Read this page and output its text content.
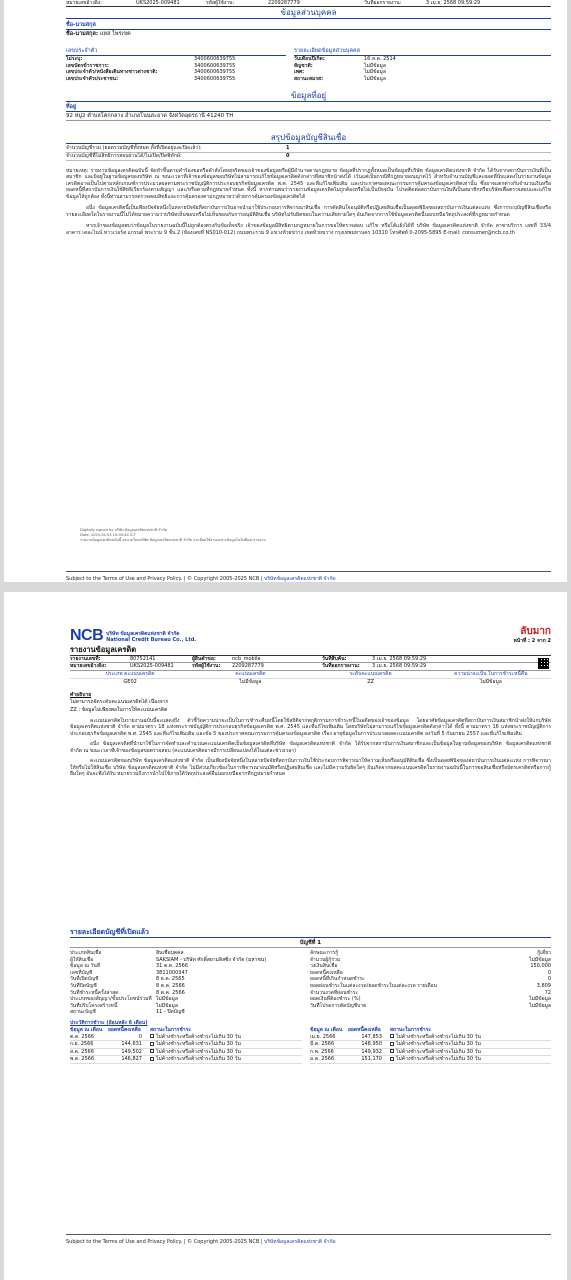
หมายเลขอ้างอิง:	UKS2025-009481	รหัสผู้ใช้งาน:	2209287779	วันที่ออกรายงาน:	3 เม.ย. 2568 09:59:29
ข้อมูลส่วนบุคคล
ชื่อ-นามสกุล
ชื่อ-นามสกุล: แหล่ ไพรเขต
เลขประจำตัว
ไม่ระบุ:	3400600639755
เลขบัตรข้าราชการ:	3400600639755
เลขประจำตัว/หนังสือเดินทางชาวต่างชาติ:	3400600639755
เลขประจำตัวประชาชน:	3400600639755
รายละเอียดข้อมูลส่วนบุคคล
วันเดือนปีเกิด:	16 ส.ค. 2514
สัญชาติ:	ไม่มีข้อมูล
เพศ:	ไม่มีข้อมูล
สถานะสมรส:	ไม่มีข้อมูล
ข้อมูลที่อยู่
ที่อยู่
92 หมู่2 ตำบลโคกกลาง อำเภอโนนสะอาด จังหวัดอุดรธานี 41240 TH
สรุปข้อมูลบัญชีสินเชื่อ
จำนวนบัญชีรวม (ยอดรวมบัญชีทั้งหมด ทั้งที่เปิดอยู่และปิดแล้ว):	1
จำนวนบัญชีที่ไม่สิทธิการสอบผ่านได้/ไม่เปิด/ปิดพิทักษ์:	0
หมายเหตุ: รายงานข้อมูลเครดิตฉบับนี้ จัดทำขึ้นตามคำร้องขอหรือคำสั่งโดยสุจริตของเจ้าของข้อมูลหรือผู้มีอำนาจตามกฎหมาย ข้อมูลที่ปรากฏทั้งหมดเป็นข้อมูลที่บริษัท ข้อมูลเครดิตแห่งชาติ จำกัด ได้รับจากสถาบันการเงินที่เป็นสมาชิก และมิอยู่ในฐานข้อมูลของบริษัท ณ ขณะเวลาที่เจ้าของข้อมูลขอบริษัทไม่สามารถแก้ไขข้อมูลเครดิตดังกล่าวที่สมาชิกนำส่งได้ เว้นแต่เป็นกรณีที่กฎหมายอนุญาตไว้ สำหรับจำนวนบัญชีและยอดที่นับแสดงในรายงานข้อมูลเครดิตอาจเป็นไปตามหลักเกณฑ์การประมวลผลตามพระราชบัญญัติการประกอบธุรกิจข้อมูลเครดิต พ.ศ. 2545 และที่แก้ไขเพิ่มเติม และประกาศของคณะกรรมการคุ้มครองข้อมูลเครดิตเท่านั้น ซึ่งอาจแตกต่างกับจำนวนเงินหรือยอดหนี้ที่สถาบันการเงินใช้สิทธิเรียกร้องตามสัญญา และ/หรือตามที่กฎหมายกำหนด ทั้งนี้ หากท่านพบว่ารายงานข้อมูลเครดิตไม่ถูกต้องหรือไม่เป็นปัจจุบัน โปรดติดต่อสถาบันการเงินที่เป็นสมาชิกหรือบริษัทเพื่อตรวจสอบและแก้ไขข้อมูลให้ถูกต้อง ทั้งนี้ท่านสามารถตรวจสอบสิทธิและการคุ้มครองตามกฎหมายว่าด้วยการคุ้มครองข้อมูลเครดิตได้
อนึ่ง ข้อมูลเครดิตนี้เป็นเพียงปัจจัยหนึ่งในหลายปัจจัยที่สถาบันการเงินอาจนำมาใช้ประกอบการพิจารณาสินเชื่อ การตัดสินใจอนุมัติหรือปฏิเสธสินเชื่อเป็นดุลยพินิจของสถาบันการเงินแต่ละแห่ง ซึ่งการระบุบัญชีสินเชื่อหรือรายละเอียดใดในรายงานนี้ไม่ได้หมายความว่าบริษัทเห็นชอบหรือไม่เห็นชอบกับการอนุมัติสินเชื่อ บริษัทไม่รับผิดชอบในความเสียหายใดๆ อันเกิดจากการใช้ข้อมูลเครดิตนี้นอกเหนือวัตถุประสงค์ที่กฎหมายกำหนด
หากเจ้าของข้อมูลพบว่าข้อมูลในรายงานฉบับนี้ไม่ถูกต้องตรงกับข้อเท็จจริง เจ้าของข้อมูลมีสิทธิตามกฎหมายในการขอให้ตรวจสอบ แก้ไข หรือโต้แย้งได้ที่ บริษัท ข้อมูลเครดิตแห่งชาติ จำกัด สาขาบริการ เลขที่ 33/4 อาคาร เดอะไนน์ ทาวเวอร์ส แกรนด์ พระราม 9 ชั้น 2 (ห้องเลขที่ NS010-012) ถนนพระราม 9 แขวงห้วยขวาง เขตห้วยขวาง กรุงเทพมหานคร 10310 โทรศัพท์ 0-2095-5895 E-mail: consumer@ncb.co.th
Digitally signed by บริษัท ข้อมูลเครดิตแห่งชาติ จำกัด
Date: 2025.04.03 10:00:44 ICT
รายงานข้อมูลเครดิตฉบับนี้ ลงนามโดยบริษัท ข้อมูลเครดิตแห่งชาติ จำกัด และมีผลใช้งานเฉพาะข้อมูลในวันที่ออกรายงาน
Subject to the Terms of Use and Privacy Policy. | © Copyright 2005-2025 NCB | บริษัทข้อมูลเครดิตแห่งชาติ จำกัด
NCB บริษัท ข้อมูลเครดิตแห่งชาติ จำกัด
National Credit Bureau Co., Ltd.
ลับมาก
หน้าที่ : 2 จาก 2
รายงานข้อมูลเครดิต
รายงานเลขที่:	80752141	ผู้ยืนคำขอ:	ncb_mobile	วันที่สืบค้น:	3 เม.ย. 2568 09:59:29
หมายเลขอ้างอิง:	UKS2025-009481	รหัสผู้ใช้งาน:	2209287779	วันที่ออกรายงาน:	3 เม.ย. 2568 09:59:29
ประเภท คะแนนเครดิต	คะแนนเครดิต	ระดับคะแนนเครดิต	ความน่าจะเป็น ในการชำระหนี้คืน
GE02	ไม่มีข้อมูล	ZZ	ไม่มีข้อมูล
คำอธิบาย
ไม่สามารถจัดระดับคะแนนเครดิตได้ เนื่องจาก
ZZ : ข้อมูลไม่เพียงพอในการให้คะแนนเครดิต
คะแนนเครดิตในรายงานฉบับนี้จะแสดงถึง ตัวชี้วัดความน่าจะเป็นในการชำระคืนหนี้โดยใช้สถิติจากพฤติกรรมการชำระหนี้ในอดีตของเจ้าของข้อมูล โดยอาศัยข้อมูลเครดิตที่สถาบันการเงินสมาชิกนำส่งให้แก่บริษัท ข้อมูลเครดิตแห่งชาติ จำกัด ตามมาตรา 18 แห่งพระราชบัญญัติการประกอบธุรกิจข้อมูลเครดิต พ.ศ. 2545 และที่แก้ไขเพิ่มเติม โดยบริษัทไม่สามารถแก้ไขข้อมูลเครดิตดังกล่าวได้ ทั้งนี้ ตามมาตรา 16 แห่งพระราชบัญญัติการประกอบธุรกิจข้อมูลเครดิต พ.ศ. 2545 และที่แก้ไขเพิ่มเติม และข้อ 5 ของประกาศคณะกรรมการคุ้มครองข้อมูลเครดิต เรื่อง อายุข้อมูลในการประมวลผลคะแนนเครดิต ลงวันที่ 5 กันยายน 2557 และที่แก้ไขเพิ่มเติม
อนึ่ง ข้อมูลเครดิตที่นำมาใช้ในการจัดทำและคำนวณคะแนนเครดิตเป็นข้อมูลเครดิตที่บริษัท ข้อมูลเครดิตแห่งชาติ จำกัด ได้รับจากสถาบันการเงินสมาชิกและเป็นข้อมูลในฐานข้อมูลของบริษัท ข้อมูลเครดิตแห่งชาติ จำกัด ณ ขณะเวลาที่เจ้าของข้อมูลขอตรวจสอบ (คะแนนเครดิตอาจมีการเปลี่ยนแปลงได้ในแต่ละช่วงเวลา)
คะแนนเครดิตของบริษัท ข้อมูลเครดิตแห่งชาติ จำกัด เป็นเพียงปัจจัยหนึ่งในหลายปัจจัยที่สถาบันการเงินใช้ประกอบการพิจารณาให้ความเห็นหรืออนุมัติสินเชื่อ ซึ่งเป็นดุลยพินิจของสถาบันการเงินแต่ละแห่ง การพิจารณาให้หรือไม่ให้สินเชื่อ บริษัท ข้อมูลเครดิตแห่งชาติ จำกัด ไม่มีส่วนเกี่ยวข้องในการพิจารณาอนุมัติหรือปฏิเสธสินเชื่อ และไม่มีความรับผิดใดๆ อันเกิดจากผลคะแนนเครดิตในรายงานฉบับนี้ในการขอสินเชื่อหรือบัตรเครดิตหรือการกู้ยืมใดๆ อันจะพึงได้รับ หมายรวมถึงการนำไปใช้ภายใต้วัตถุประสงค์อื่นนอกเหนือจากที่กฎหมายกำหนด
รายละเอียดบัญชีที่เปิดแล้ว
บัญชีที่ 1
ประเภทสินเชื่อ	สินเชื่อบุคคล
ผู้ให้สินเชื่อ	SAKSIAM - บริษัท ศักดิ์สยามลิสซิ่ง จำกัด (มหาชน)
ข้อมูล ณ วันที่	31 ต.ค. 2566
เลขที่บัญชี	3811000347
วันที่เปิดบัญชี	8 ธ.ค. 2565
วันที่ปิดบัญชี	8 ต.ค. 2566
วันที่ชำระหนี้ครั้งล่าสุด	8 ต.ค. 2566
ประเภทของสัญญา/ขั้นประโยชน์ร่วมที่ ไม่มีข้อมูล
วันที่ปรับโครงสร้างหนี้	ไม่มีข้อมูล
สถานะบัญชี	11 - ปิดบัญชี
ลักษณะการกู้	กู้เดี่ยว
จำนวนผู้กู้ร่วม	ไม่มีข้อมูล
วงเงินสินเชื่อ	150,000
ยอดหนี้คงเหลือ	0
ยอดหนี้ที่เกินกำหนดชำระ	0
ยอดผ่อนชำระในแต่ละงวด/ยอดชำระในแต่ละงวด รายเดือน	3,809
จำนวนงวดที่ผ่อนชำระ	72
ยอดเงินที่ต้องชำระ (%)	ไม่มีข้อมูล
วันที่โปรดการตัดบัญชีบาด	ไม่มีข้อมูล
ประวัติการชำระ (ย้อนหลัง 6 เดือน)
ข้อมูล ณ เดือน	ยอดหนี้คงเหลือ	สถานะในการชำระ
ต.ค. 2566	0	ไม่ค้างชำระหรือค้างชำระไม่เกิน 30 วัน
ก.ย. 2566	144,631	ไม่ค้างชำระหรือค้างชำระไม่เกิน 30 วัน
ส.ค. 2566	149,502	ไม่ค้างชำระหรือค้างชำระไม่เกิน 30 วัน
พ.ค. 2566	146,827	ไม่ค้างชำระหรือค้างชำระไม่เกิน 30 วัน
ข้อมูล ณ เดือน	ยอดหนี้คงเหลือ	สถานะในการชำระ
เม.ย. 2566	147,853	ไม่ค้างชำระหรือค้างชำระไม่เกิน 30 วัน
มี.ค. 2566	148,950	ไม่ค้างชำระหรือค้างชำระไม่เกิน 30 วัน
ก.พ. 2566	149,932	ไม่ค้างชำระหรือค้างชำระไม่เกิน 30 วัน
ม.ค. 2566	151,170	ไม่ค้างชำระหรือค้างชำระไม่เกิน 30 วัน
Subject to the Terms of Use and Privacy Policy. | © Copyright 2005-2025 NCB | บริษัทข้อมูลเครดิตแห่งชาติ จำกัด
